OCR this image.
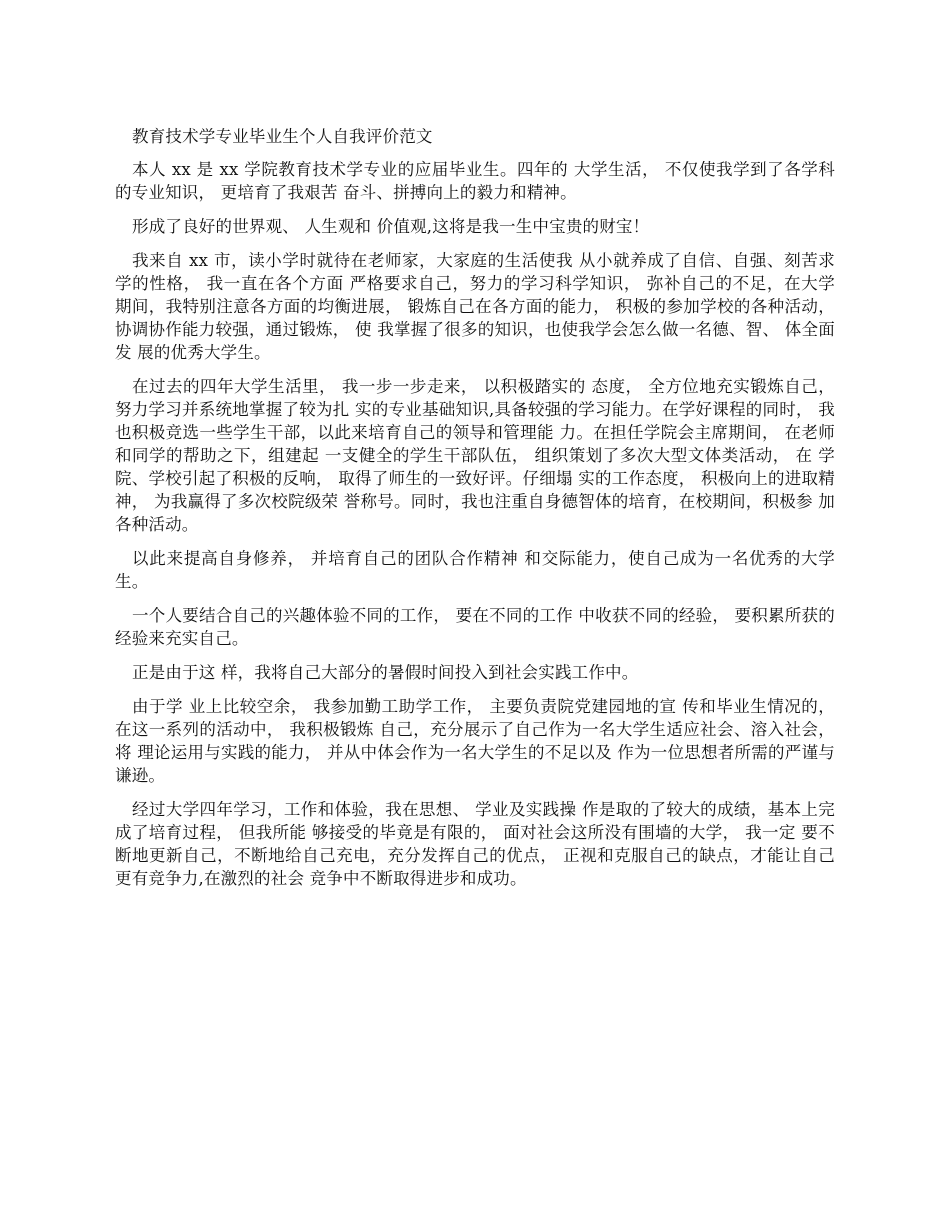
教育技术学专业毕业生个人自我评价范文

本人 xx 是 xx 学院教育技术学专业的应届毕业生。四年的 大学生活， 不仅使我学到了各学科的专业知识， 更培育了我艰苦 奋斗、拼搏向上的毅力和精神。

形成了良好的世界观、 人生观和 价值观,这将是我一生中宝贵的财宝！

我来自 xx 市，读小学时就待在老师家，大家庭的生活使我 从小就养成了自信、自强、刻苦求学的性格， 我一直在各个方面 严格要求自己，努力的学习科学知识， 弥补自己的不足，在大学 期间，我特别注意各方面的均衡进展， 锻炼自己在各方面的能力， 积极的参加学校的各种活动， 协调协作能力较强，通过锻炼， 使 我掌握了很多的知识，也使我学会怎么做一名德、智、 体全面发 展的优秀大学生。

在过去的四年大学生活里， 我一步一步走来， 以积极踏实的 态度， 全方位地充实锻炼自己， 努力学习并系统地掌握了较为扎 实的专业基础知识,具备较强的学习能力。在学好课程的同时， 我也积极竞选一些学生干部，以此来培育自己的领导和管理能 力。在担任学院会主席期间， 在老师和同学的帮助之下，组建起 一支健全的学生干部队伍， 组织策划了多次大型文体类活动， 在 学院、学校引起了积极的反响， 取得了师生的一致好评。仔细塌 实的工作态度， 积极向上的进取精神， 为我赢得了多次校院级荣 誉称号。同时，我也注重自身德智体的培育，在校期间，积极参 加各种活动。

以此来提高自身修养， 并培育自己的团队合作精神 和交际能力，使自己成为一名优秀的大学生。

一个人要结合自己的兴趣体验不同的工作， 要在不同的工作 中收获不同的经验， 要积累所获的经验来充实自己。

正是由于这 样，我将自己大部分的暑假时间投入到社会实践工作中。

由于学 业上比较空余， 我参加勤工助学工作， 主要负责院党建园地的宣 传和毕业生情况的， 在这一系列的活动中， 我积极锻炼 自己，充分展示了自己作为一名大学生适应社会、溶入社会， 将 理论运用与实践的能力， 并从中体会作为一名大学生的不足以及 作为一位思想者所需的严谨与谦逊。

经过大学四年学习，工作和体验，我在思想、 学业及实践操 作是取的了较大的成绩，基本上完成了培育过程， 但我所能 够接受的毕竟是有限的， 面对社会这所没有围墙的大学， 我一定 要不断地更新自己，不断地给自己充电，充分发挥自己的优点， 正视和克服自己的缺点，才能让自己更有竞争力,在激烈的社会 竞争中不断取得进步和成功。
